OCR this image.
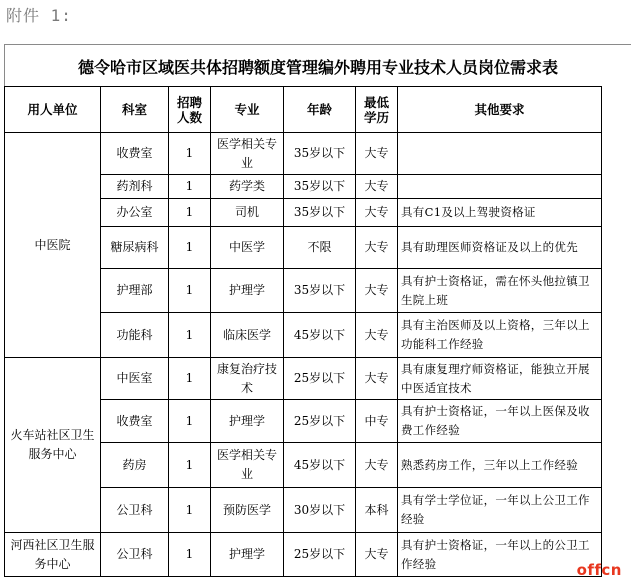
附件 1:
德令哈市区域医共体招聘额度管理编外聘用专业技术人员岗位需求表
用人单位	科室	招聘人数	专业	年龄	最低学历	其他要求
中医院	收费室	1	医学相关专业	35岁以下	大专	
	药剂科	1	药学类	35岁以下	大专	
	办公室	1	司机	35岁以下	大专	具有C1及以上驾驶资格证
	糖尿病科	1	中医学	不限	大专	具有助理医师资格证及以上的优先
	护理部	1	护理学	35岁以下	大专	具有护士资格证，需在怀头他拉镇卫生院上班
	功能科	1	临床医学	45岁以下	大专	具有主治医师及以上资格，三年以上功能科工作经验
火车站社区卫生服务中心	中医室	1	康复治疗技术	25岁以下	大专	具有康复理疗师资格证，能独立开展中医适宜技术
	收费室	1	护理学	25岁以下	中专	具有护士资格证，一年以上医保及收费工作经验
	药房	1	医学相关专业	45岁以下	大专	熟悉药房工作，三年以上工作经验
	公卫科	1	预防医学	30岁以下	本科	具有学士学位证，一年以上公卫工作经验
河西社区卫生服务中心	公卫科	1	护理学	25岁以下	大专	具有护士资格证，一年以上的公卫工作经验	offcn
